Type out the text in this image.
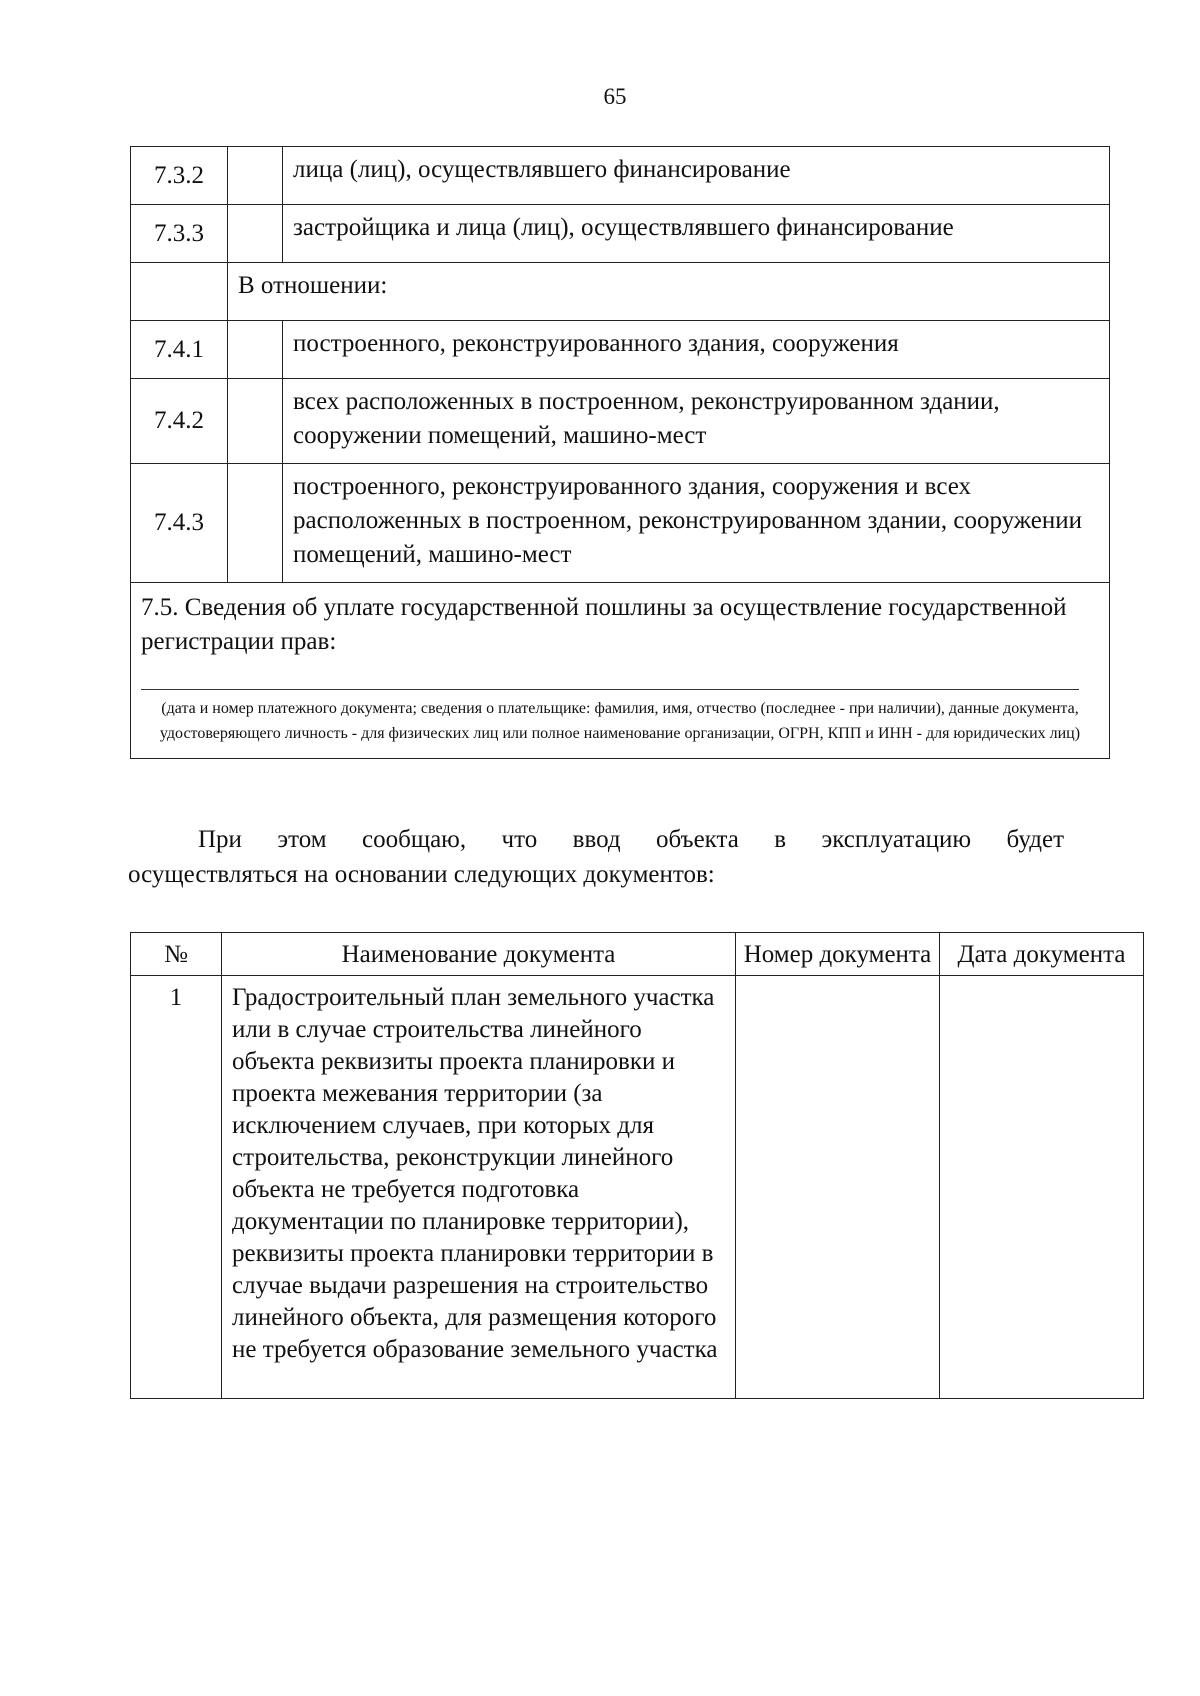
65
7.3.2		лица (лиц), осуществлявшего финансирование
7.3.3		застройщика и лица (лиц), осуществлявшего финансирование
	В отношении:	
7.4.1		построенного, реконструированного здания, сооружения
7.4.2		всех расположенных в построенном, реконструированном здании, сооружении помещений, машино-мест
7.4.3		построенного, реконструированного здания, сооружения и всех расположенных в построенном, реконструированном здании, сооружении помещений, машино-мест

7.5. Сведения об уплате государственной пошлины за осуществление государственной регистрации прав:
(дата и номер платежного документа; сведения о плательщике: фамилия, имя, отчество (последнее - при наличии), данные документа, удостоверяющего личность - для физических лиц или полное наименование организации, ОГРН, КПП и ИНН - для юридических лиц)		
При этом сообщаю, что ввод объекта в эксплуатацию будет
осуществляться на основании следующих документов:
№	Наименование документа	Номер документа	Дата документа
1	Градостроительный план земельного участка или в случае строительства линейного объекта реквизиты проекта планировки и проекта межевания территории (за исключением случаев, при которых для строительства, реконструкции линейного объекта не требуется подготовка документации по планировке территории), реквизиты проекта планировки территории в случае выдачи разрешения на строительство линейного объекта, для размещения которого не требуется образование земельного участка		
